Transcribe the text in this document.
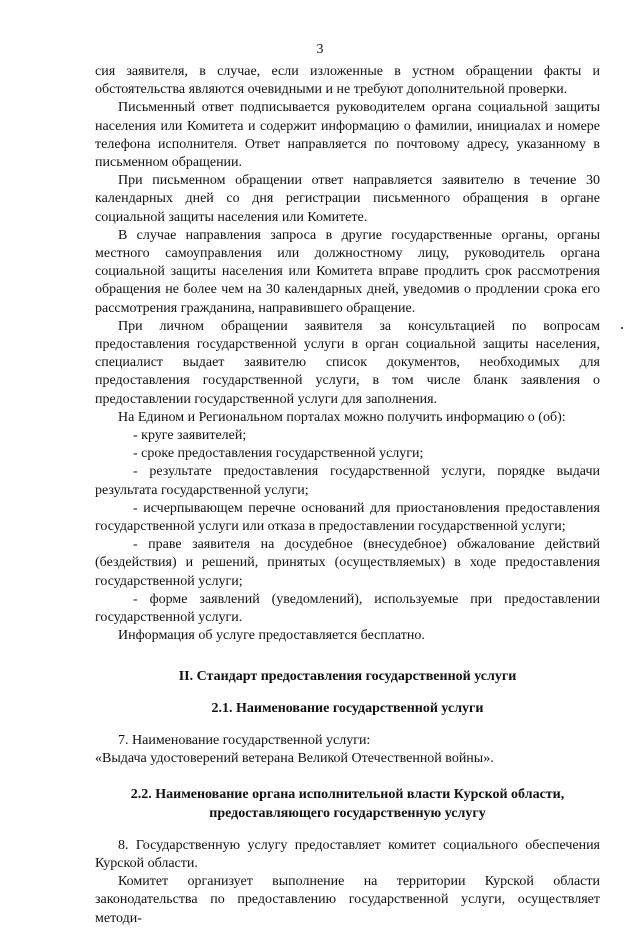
3

сия заявителя, в случае, если изложенные в устном обращении факты и обстоятельства являются очевидными и не требуют дополнительной проверки.

Письменный ответ подписывается руководителем органа социальной защиты населения или Комитета и содержит информацию о фамилии, инициалах и номере телефона исполнителя. Ответ направляется по почтовому адресу, указанному в письменном обращении.

При письменном обращении ответ направляется заявителю в течение 30 календарных дней со дня регистрации письменного обращения в органе социальной защиты населения или Комитете.

В случае направления запроса в другие государственные органы, органы местного самоуправления или должностному лицу, руководитель органа социальной защиты населения или Комитета вправе продлить срок рассмотрения обращения не более чем на 30 календарных дней, уведомив о продлении срока его рассмотрения гражданина, направившего обращение.

При личном обращении заявителя за консультацией по вопросам предоставления государственной услуги в орган социальной защиты населения, специалист выдает заявителю список документов, необходимых для предоставления государственной услуги, в том числе бланк заявления о предоставлении государственной услуги для заполнения.

На Едином и Региональном порталах можно получить информацию о (об):

- круге заявителей;

- сроке предоставления государственной услуги;

- результате предоставления государственной услуги, порядке выдачи результата государственной услуги;

- исчерпывающем перечне оснований для приостановления предоставления государственной услуги или отказа в предоставлении государственной услуги;

- праве заявителя на досудебное (внесудебное) обжалование действий (бездействия) и решений, принятых (осуществляемых) в ходе предоставления государственной услуги;

- форме заявлений (уведомлений), используемые при предоставлении государственной услуги.

Информация об услуге предоставляется бесплатно.

II. Стандарт предоставления государственной услуги

2.1. Наименование государственной услуги

7. Наименование государственной услуги:

«Выдача удостоверений ветерана Великой Отечественной войны».

2.2. Наименование органа исполнительной власти Курской области,
предоставляющего государственную услугу

8. Государственную услугу предоставляет комитет социального обеспечения Курской области.

Комитет организует выполнение на территории Курской области законодательства по предоставлению государственной услуги, осуществляет методи-
